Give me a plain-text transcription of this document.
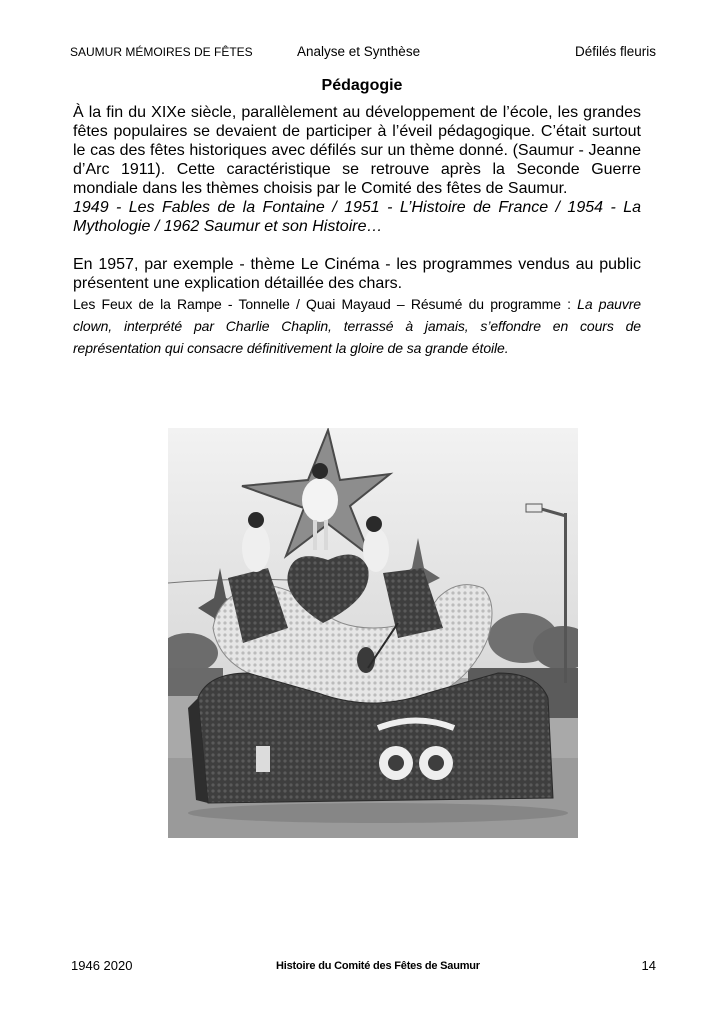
SAUMUR MÉMOIRES DE FÊTES	Analyse et Synthèse	Défilés fleuris
Pédagogie

À la fin du XIXe siècle, parallèlement au développement de l’école, les grandes fêtes populaires se devaient de participer à l’éveil pédagogique. C’était surtout le cas des fêtes historiques avec défilés sur un thème donné. (Saumur - Jeanne d’Arc 1911). Cette caractéristique se retrouve après la Seconde Guerre mondiale dans les thèmes choisis par le Comité des fêtes de Saumur.

1949 - Les Fables de la Fontaine / 1951 - L’Histoire de France / 1954 - La Mythologie / 1962 Saumur et son Histoire…

En 1957, par exemple - thème Le Cinéma - les programmes vendus au public présentent une explication détaillée des chars.

Les Feux de la Rampe - Tonnelle / Quai Mayaud – Résumé du programme : La pauvre clown, interprété par Charlie Chaplin, terrassé à jamais, s’effondre en cours de représentation qui consacre définitivement la gloire de sa grande étoile.

1946 2020	Histoire du Comité des Fêtes de Saumur	14
